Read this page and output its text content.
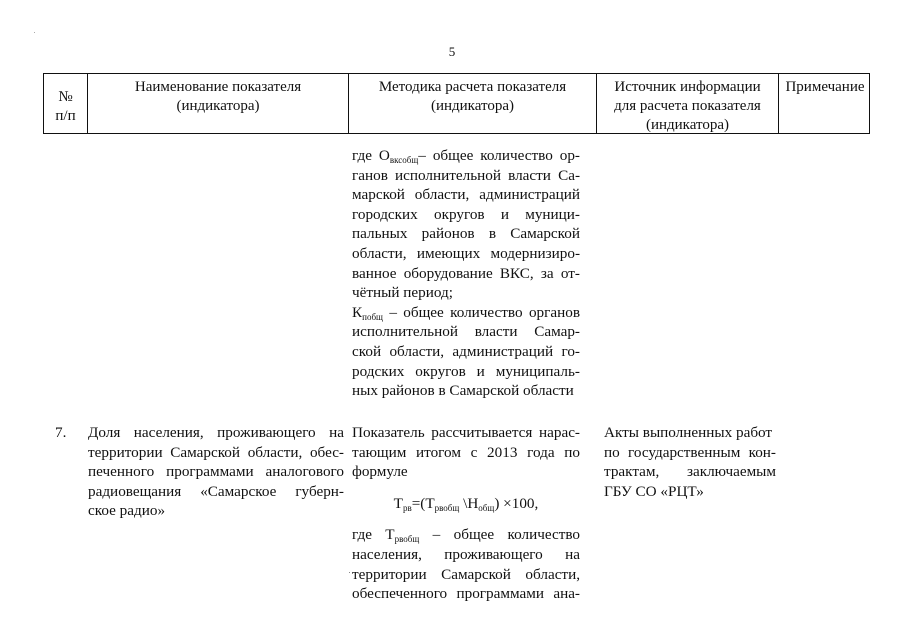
5
№
п/п
Наименование показателя
(индикатора)
Методика расчета показателя
(индикатора)
Источник информации
для расчета показателя
(индикатора)
Примечание
где $О_{вксобщ}-$ общее количество ор-
ганов исполнительной власти Са-
марской области, администраций
городских округов и муници-
пальных районов в Самарской
области, имеющих модернизиро-
ванное оборудование ВКС, за от-
чётный период;
$К_{побщ}$ – общее количество органов
исполнительной власти Самар-
ской области, администраций го-
родских округов и муниципаль-
ных районов в Самарской области
7.	Доля населения, проживающего на
территории Самарской области, обес-
печенного программами аналогового
радиовещания «Самарское губерн-
ское радио»
Показатель рассчитывается нарас-
тающим итогом с 2013 года по
формуле
$Т_{рв}=(Т_{рвобщ}$ $\backslash Н_{общ}) \times 100$,
где $Т_{рвобщ}$ – общее количество
населения, проживающего на
территории Самарской области,
обеспеченного программами ана-
Акты выполненных работ
по государственным кон-
трактам, заключаемым
ГБУ СО «РЦТ»
